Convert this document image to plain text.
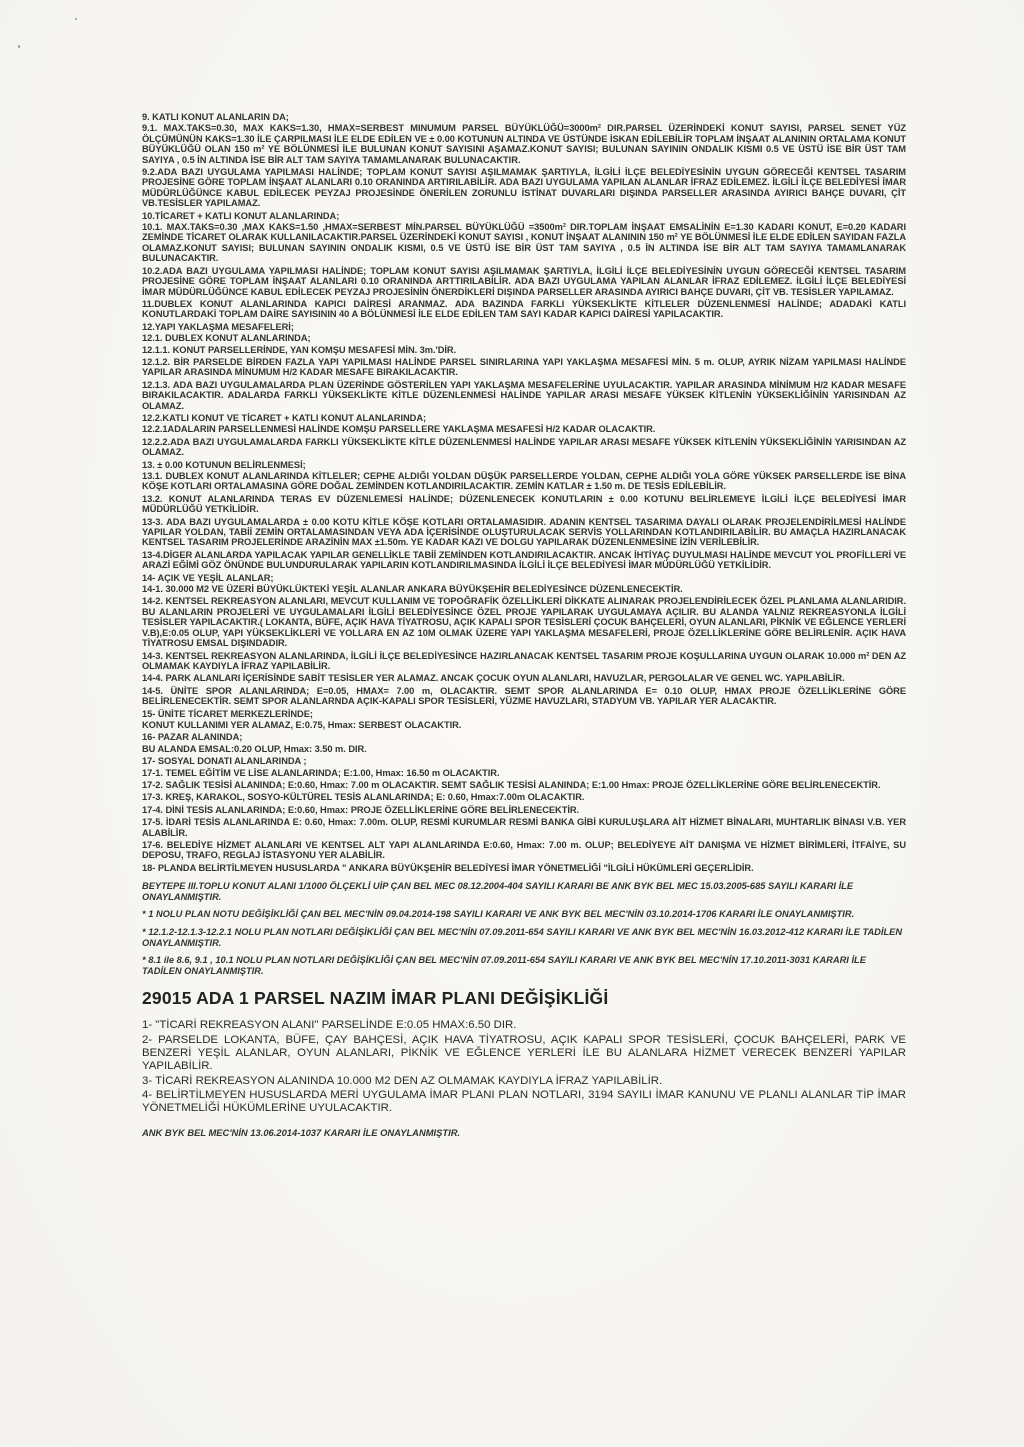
9. KATLI KONUT ALANLARIN DA;

9.1. MAX.TAKS=0.30, MAX KAKS=1.30, HMAX=SERBEST MINUMUM PARSEL BÜYÜKLÜĞÜ=3000m² DIR.PARSEL ÜZERİNDEKİ KONUT SAYISI, PARSEL SENET YÜZ ÖLÇÜMÜNÜN KAKS=1.30 İLE ÇARPILMASI İLE ELDE EDİLEN VE ± 0.00 KOTUNUN ALTINDA VE ÜSTÜNDE İSKAN EDİLEBİLİR TOPLAM İNŞAAT ALANININ ORTALAMA KONUT BÜYÜKLÜĞÜ OLAN 150 m² YE BÖLÜNMESİ İLE BULUNAN KONUT SAYISINI AŞAMAZ.KONUT SAYISI; BULUNAN SAYININ ONDALIK KISMI 0.5 VE ÜSTÜ İSE BİR ÜST TAM SAYIYA , 0.5 İN ALTINDA İSE BİR ALT TAM SAYIYA TAMAMLANARAK BULUNACAKTIR.

9.2.ADA BAZI UYGULAMA YAPILMASI HALİNDE; TOPLAM KONUT SAYISI AŞILMAMAK ŞARTIYLA, İLGİLİ İLÇE BELEDİYESİNİN UYGUN GÖRECEĞİ KENTSEL TASARIM PROJESİNE GÖRE TOPLAM İNŞAAT ALANLARI 0.10 ORANINDA ARTIRILABİLİR. ADA BAZI UYGULAMA YAPILAN ALANLAR İFRAZ EDİLEMEZ. İLGİLİ İLÇE BELEDİYESİ İMAR MÜDÜRLÜĞÜNCE KABUL EDİLECEK PEYZAJ PROJESİNDE ÖNERİLEN ZORUNLU İSTİNAT DUVARLARI DIŞINDA PARSELLER ARASINDA AYIRICI BAHÇE DUVARI, ÇİT VB.TESİSLER YAPILAMAZ.

10.TİCARET + KATLI KONUT ALANLARINDA;

10.1. MAX.TAKS=0.30 ,MAX KAKS=1.50 ,HMAX=SERBEST MİN.PARSEL BÜYÜKLÜĞÜ =3500m² DIR.TOPLAM İNŞAAT EMSALİNİN E=1.30 KADARI KONUT, E=0.20 KADARI ZEMİNDE TİCARET OLARAK KULLANILACAKTIR.PARSEL ÜZERİNDEKİ KONUT SAYISI , KONUT İNŞAAT ALANININ 150 m² YE BÖLÜNMESİ İLE ELDE EDİLEN SAYIDAN FAZLA OLAMAZ.KONUT SAYISI; BULUNAN SAYININ ONDALIK KISMI, 0.5 VE ÜSTÜ İSE BİR ÜST TAM SAYIYA , 0.5 İN ALTINDA İSE BİR ALT TAM SAYIYA TAMAMLANARAK BULUNACAKTIR.

10.2.ADA BAZI UYGULAMA YAPILMASI HALİNDE; TOPLAM KONUT SAYISI AŞILMAMAK ŞARTIYLA, İLGİLİ İLÇE BELEDİYESİNİN UYGUN GÖRECEĞİ KENTSEL TASARIM PROJESİNE GÖRE TOPLAM İNŞAAT ALANLARI 0.10 ORANINDA ARTTIRILABİLİR. ADA BAZI UYGULAMA YAPILAN ALANLAR İFRAZ EDİLEMEZ. İLGİLİ İLÇE BELEDİYESİ İMAR MÜDÜRLÜĞÜNCE KABUL EDİLECEK PEYZAJ PROJESİNİN ÖNERDİKLERİ DIŞINDA PARSELLER ARASINDA AYIRICI BAHÇE DUVARI, ÇİT VB. TESİSLER YAPILAMAZ.

11.DUBLEX KONUT ALANLARINDA KAPICI DAİRESİ ARANMAZ. ADA BAZINDA FARKLI YÜKSEKLİKTE KİTLELER DÜZENLENMESİ HALİNDE; ADADAKİ KATLI KONUTLARDAKİ TOPLAM DAİRE SAYISININ 40 A BÖLÜNMESİ İLE ELDE EDİLEN TAM SAYI KADAR KAPICI DAİRESİ YAPILACAKTIR.

12.YAPI YAKLAŞMA MESAFELERİ;

12.1. DUBLEX KONUT ALANLARINDA;

12.1.1. KONUT PARSELLERİNDE, YAN KOMŞU MESAFESİ MİN. 3m.'DİR.

12.1.2. BİR PARSELDE BİRDEN FAZLA YAPI YAPILMASI HALİNDE PARSEL SINIRLARINA YAPI YAKLAŞMA MESAFESİ MİN. 5 m. OLUP, AYRIK NİZAM YAPILMASI HALİNDE YAPILAR ARASINDA MİNUMUM H/2 KADAR MESAFE BIRAKILACAKTIR.

12.1.3. ADA BAZI UYGULAMALARDA PLAN ÜZERİNDE GÖSTERİLEN YAPI YAKLAŞMA MESAFELERİNE UYULACAKTIR. YAPILAR ARASINDA MİNİMUM H/2 KADAR MESAFE BIRAKILACAKTIR. ADALARDA FARKLI YÜKSEKLİKTE KİTLE DÜZENLENMESİ HALİNDE YAPILAR ARASI MESAFE YÜKSEK KİTLENİN YÜKSEKLİĞİNİN YARISINDAN AZ OLAMAZ.

12.2.KATLI KONUT VE TİCARET + KATLI KONUT ALANLARINDA;

12.2.1ADALARIN PARSELLENMESİ HALİNDE KOMŞU PARSELLERE YAKLAŞMA MESAFESİ H/2 KADAR OLACAKTIR.

12.2.2.ADA BAZI UYGULAMALARDA FARKLI YÜKSEKLİKTE KİTLE DÜZENLENMESİ HALİNDE YAPILAR ARASI MESAFE YÜKSEK KİTLENİN YÜKSEKLİĞİNİN YARISINDAN AZ OLAMAZ.

13. ± 0.00 KOTUNUN BELİRLENMESİ;

13.1. DUBLEX KONUT ALANLARINDA KİTLELER; CEPHE ALDIĞI YOLDAN DÜŞÜK PARSELLERDE YOLDAN, CEPHE ALDIĞI YOLA GÖRE YÜKSEK PARSELLERDE İSE BİNA KÖŞE KOTLARI ORTALAMASINA GÖRE DOĞAL ZEMİNDEN KOTLANDIRILACAKTIR. ZEMİN KATLAR ± 1.50 m. DE TESİS EDİLEBİLİR.

13.2. KONUT ALANLARINDA TERAS EV DÜZENLEMESİ HALİNDE; DÜZENLENECEK KONUTLARIN ± 0.00 KOTUNU BELİRLEMEYE İLGİLİ İLÇE BELEDİYESİ İMAR MÜDÜRLÜĞÜ YETKİLİDİR.

13-3. ADA BAZI UYGULAMALARDA ± 0.00 KOTU KİTLE KÖŞE KOTLARI ORTALAMASIDIR. ADANIN KENTSEL TASARIMA DAYALI OLARAK PROJELENDİRİLMESİ HALİNDE YAPILAR YOLDAN, TABİİ ZEMİN ORTALAMASINDAN VEYA ADA İÇERİSİNDE OLUŞTURULACAK SERVİS YOLLARINDAN KOTLANDIRILABİLİR. BU AMAÇLA HAZIRLANACAK KENTSEL TASARIM PROJELERİNDE ARAZİNİN MAX ±1.50m. YE KADAR KAZI VE DOLGU YAPILARAK DÜZENLENMESİNE İZİN VERİLEBİLİR.

13-4.DİGER ALANLARDA YAPILACAK YAPILAR GENELLİKLE TABİİ ZEMİNDEN KOTLANDIRILACAKTIR. ANCAK İHTİYAÇ DUYULMASI HALİNDE MEVCUT YOL PROFİLLERİ VE ARAZİ EĞİMİ GÖZ ÖNÜNDE BULUNDURULARAK YAPILARIN KOTLANDIRILMASINDA İLGİLİ İLÇE BELEDİYESİ İMAR MÜDÜRLÜĞÜ YETKİLİDİR.

14- AÇIK VE YEŞİL ALANLAR;

14-1. 30.000 M2 VE ÜZERİ BÜYÜKLÜKTEKİ YEŞİL ALANLAR ANKARA BÜYÜKŞEHİR BELEDİYESİNCE DÜZENLENECEKTİR.

14-2. KENTSEL REKREASYON ALANLARI, MEVCUT KULLANIM VE TOPOĞRAFİK ÖZELLİKLERİ DİKKATE ALINARAK PROJELENDİRİLECEK ÖZEL PLANLAMA ALANLARIDIR. BU ALANLARIN PROJELERİ VE UYGULAMALARI İLGİLİ BELEDİYESİNCE ÖZEL PROJE YAPILARAK UYGULAMAYA AÇILIR. BU ALANDA YALNIZ REKREASYONLA İLGİLİ TESİSLER YAPILACAKTIR.( LOKANTA, BÜFE, AÇIK HAVA TİYATROSU, AÇIK KAPALI SPOR TESİSLERİ ÇOCUK BAHÇELERİ, OYUN ALANLARI, PİKNİK VE EĞLENCE YERLERİ V.B),E:0.05 OLUP, YAPI YÜKSEKLİKLERİ VE YOLLARA EN AZ 10M OLMAK ÜZERE YAPI YAKLAŞMA MESAFELERİ, PROJE ÖZELLİKLERİNE GÖRE BELİRLENİR. AÇIK HAVA TİYATROSU EMSAL DIŞINDADIR.

14-3. KENTSEL REKREASYON ALANLARINDA, İLGİLİ İLÇE BELEDİYESİNCE HAZIRLANACAK KENTSEL TASARIM PROJE KOŞULLARINA UYGUN OLARAK 10.000 m² DEN AZ OLMAMAK KAYDIYLA İFRAZ YAPILABİLİR.

14-4. PARK ALANLARI İÇERİSİNDE SABİT TESİSLER YER ALAMAZ. ANCAK ÇOCUK OYUN ALANLARI, HAVUZLAR, PERGOLALAR VE GENEL WC. YAPILABİLİR.

14-5. ÜNİTE SPOR ALANLARINDA; E=0.05, HMAX= 7.00 m, OLACAKTIR. SEMT SPOR ALANLARINDA E= 0.10 OLUP, HMAX PROJE ÖZELLİKLERİNE GÖRE BELİRLENECEKTİR. SEMT SPOR ALANLARNDA AÇIK-KAPALI SPOR TESİSLERİ, YÜZME HAVUZLARI, STADYUM VB. YAPILAR YER ALACAKTIR.

15- ÜNİTE TİCARET MERKEZLERİNDE;

KONUT KULLANIMI YER ALAMAZ, E:0.75, Hmax: SERBEST OLACAKTIR.

16- PAZAR ALANINDA;

BU ALANDA EMSAL:0.20 OLUP, Hmax: 3.50 m. DIR.

17- SOSYAL DONATI ALANLARINDA ;

17-1. TEMEL EĞİTİM VE LİSE ALANLARINDA; E:1.00, Hmax: 16.50 m OLACAKTIR.

17-2. SAĞLIK TESİSİ ALANINDA; E:0.60, Hmax: 7.00 m OLACAKTIR. SEMT SAĞLIK TESİSİ ALANINDA; E:1.00 Hmax: PROJE ÖZELLİKLERİNE GÖRE BELİRLENECEKTİR.

17-3. KREŞ, KARAKOL, SOSYO-KÜLTÜREL TESİS ALANLARINDA; E: 0.60, Hmax:7.00m OLACAKTIR.

17-4. DİNİ TESİS ALANLARINDA; E:0.60, Hmax: PROJE ÖZELLİKLERİNE GÖRE BELİRLENECEKTİR.

17-5. İDARİ TESİS ALANLARINDA E: 0.60, Hmax: 7.00m. OLUP, RESMİ KURUMLAR RESMİ BANKA GİBİ KURULUŞLARA AİT HİZMET BİNALARI, MUHTARLIK BİNASI V.B. YER ALABİLİR.

17-6. BELEDİYE HİZMET ALANLARI VE KENTSEL ALT YAPI ALANLARINDA E:0.60, Hmax: 7.00 m. OLUP; BELEDİYEYE AİT DANIŞMA VE HİZMET BİRİMLERİ, İTFAİYE, SU DEPOSU, TRAFO, REGLAJ İSTASYONU YER ALABİLİR.

18- PLANDA BELİRTİLMEYEN HUSUSLARDA " ANKARA BÜYÜKŞEHİR BELEDİYESİ İMAR YÖNETMELİĞİ "İLGİLİ HÜKÜMLERİ GEÇERLİDİR.

BEYTEPE III.TOPLU KONUT ALANI 1/1000 ÖLÇEKLİ UİP ÇAN BEL MEC 08.12.2004-404 SAYILI KARARI BE ANK BYK BEL MEC 15.03.2005-685 SAYILI KARARI İLE ONAYLANMIŞTIR.

* 1 NOLU PLAN NOTU DEĞİŞİKLİĞİ ÇAN BEL MEC'NİN 09.04.2014-198 SAYILI KARARI VE ANK BYK BEL MEC'NİN 03.10.2014-1706 KARARI İLE ONAYLANMIŞTIR.

* 12.1.2-12.1.3-12.2.1 NOLU PLAN NOTLARI DEĞİŞİKLİĞİ ÇAN BEL MEC'NİN 07.09.2011-654 SAYILI KARARI VE ANK BYK BEL MEC'NİN 16.03.2012-412 KARARI İLE TADİLEN ONAYLANMIŞTIR.

* 8.1 ile 8.6, 9.1 , 10.1 NOLU PLAN NOTLARI DEĞİŞİKLİĞİ ÇAN BEL MEC'NİN 07.09.2011-654 SAYILI KARARI VE ANK BYK BEL MEC'NİN 17.10.2011-3031 KARARI İLE TADİLEN ONAYLANMIŞTIR.

29015 ADA 1 PARSEL NAZIM İMAR PLANI DEĞİŞİKLİĞİ

1- "TİCARİ REKREASYON ALANI" PARSELİNDE E:0.05 HMAX:6.50 DIR.

2- PARSELDE LOKANTA, BÜFE, ÇAY BAHÇESİ, AÇIK HAVA TİYATROSU, AÇIK KAPALI SPOR TESİSLERİ, ÇOCUK BAHÇELERİ, PARK VE BENZERİ YEŞİL ALANLAR, OYUN ALANLARI, PİKNİK VE EĞLENCE YERLERİ İLE BU ALANLARA HİZMET VERECEK BENZERİ YAPILAR YAPILABİLİR.

3- TİCARİ REKREASYON ALANINDA 10.000 M2 DEN AZ OLMAMAK KAYDIYLA İFRAZ YAPILABİLİR.

4- BELİRTİLMEYEN HUSUSLARDA MERİ UYGULAMA İMAR PLANI PLAN NOTLARI, 3194 SAYILI İMAR KANUNU VE PLANLI ALANLAR TİP İMAR YÖNETMELİĞİ HÜKÜMLERİNE UYULACAKTIR.

ANK BYK BEL MEC'NİN 13.06.2014-1037 KARARI İLE ONAYLANMIŞTIR.
